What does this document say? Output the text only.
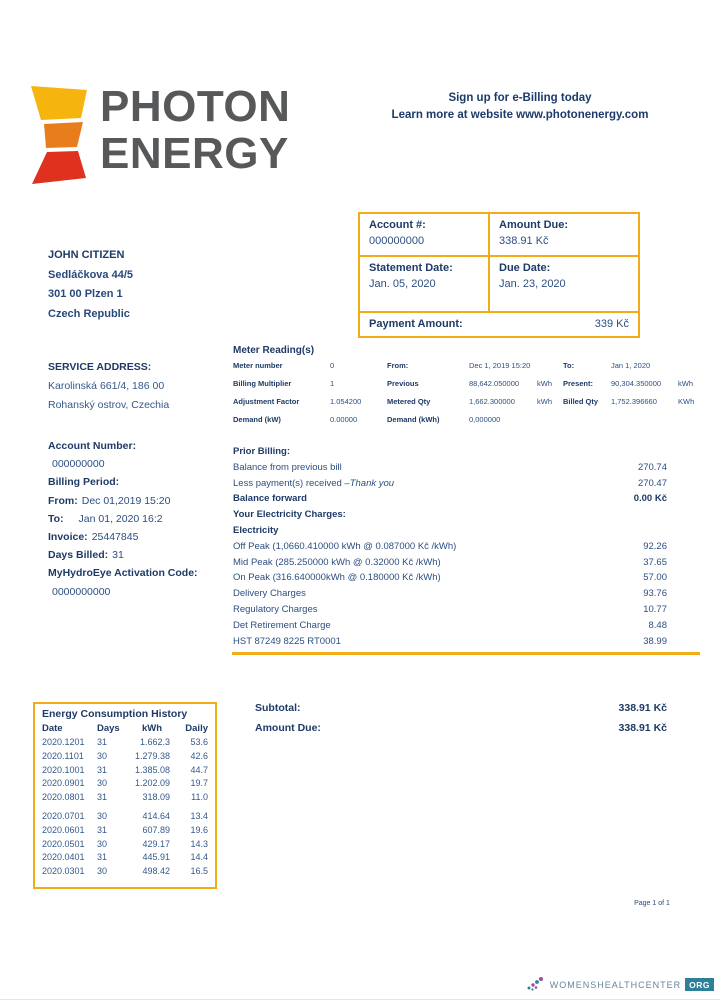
PHOTON
ENERGY
Sign up for e-Billing today
Learn more at website www.photonenergy.com
Account #:
000000000
Amount Due:
338.91 Kč
Statement Date:
Jan. 05, 2020
Due Date:
Jan. 23, 2020
Payment Amount:	339 Kč
JOHN CITIZEN
Sedláčkova 44/5
301 00 Plzen 1
Czech Republic
SERVICE ADDRESS:
Karolinská 661/4, 186 00
Rohanský ostrov, Czechia
Account Number:
000000000
Billing Period:
From: Dec 01,2019 15:20
To: Jan 01, 2020 16:2
Invoice: 25447845
Days Billed: 31
MyHydroEye Activation Code:
0000000000
Meter Reading(s)
Meter number	0	From:	Dec 1, 2019 15:20	To:	Jan 1, 2020
Billing Multiplier	1	Previous	88,642.050000	kWh	Present:	90,304.350000	kWh
Adjustment Factor	1.054200	Metered Qty	1,662.300000	kWh	Billed Qty	1,752.396660	KWh
Demand (kW)	0.00000	Demand (kWh)	0,000000
Prior Billing:
Balance from previous bill	270.74
Less payment(s) received –Thank you	270.47
Balance forward	0.00 Kč
Your Electricity Charges:
Electricity
Off Peak (1,0660.410000 kWh @ 0.087000 Kč /kWh)	92.26
Mid Peak (285.250000 kWh @ 0.32000 Kč /kWh)	37.65
On Peak (316.640000kWh @ 0.180000 Kč /kWh)	57.00
Delivery Charges	93.76
Regulatory Charges	10.77
Det Retirement Charge	8.48
HST 87249 8225 RT0001	38.99
Subtotal:	338.91 Kč
Amount Due:	338.91 Kč
Energy Consumption History
Date	Days	kWh	Daily
2020.1201	31	1.662.3	53.6
2020.1101	30	1.279.38	42.6
2020.1001	31	1.385.08	44.7
2020.0901	30	1.202.09	19.7
2020.0801	31	318.09	11.0
2020.0701	30	414.64	13.4
2020.0601	31	607.89	19.6
2020.0501	30	429.17	14.3
2020.0401	31	445.91	14.4
2020.0301	30	498.42	16.5
Page 1 of 1
WOMENSHEALTHCENTER ORG
